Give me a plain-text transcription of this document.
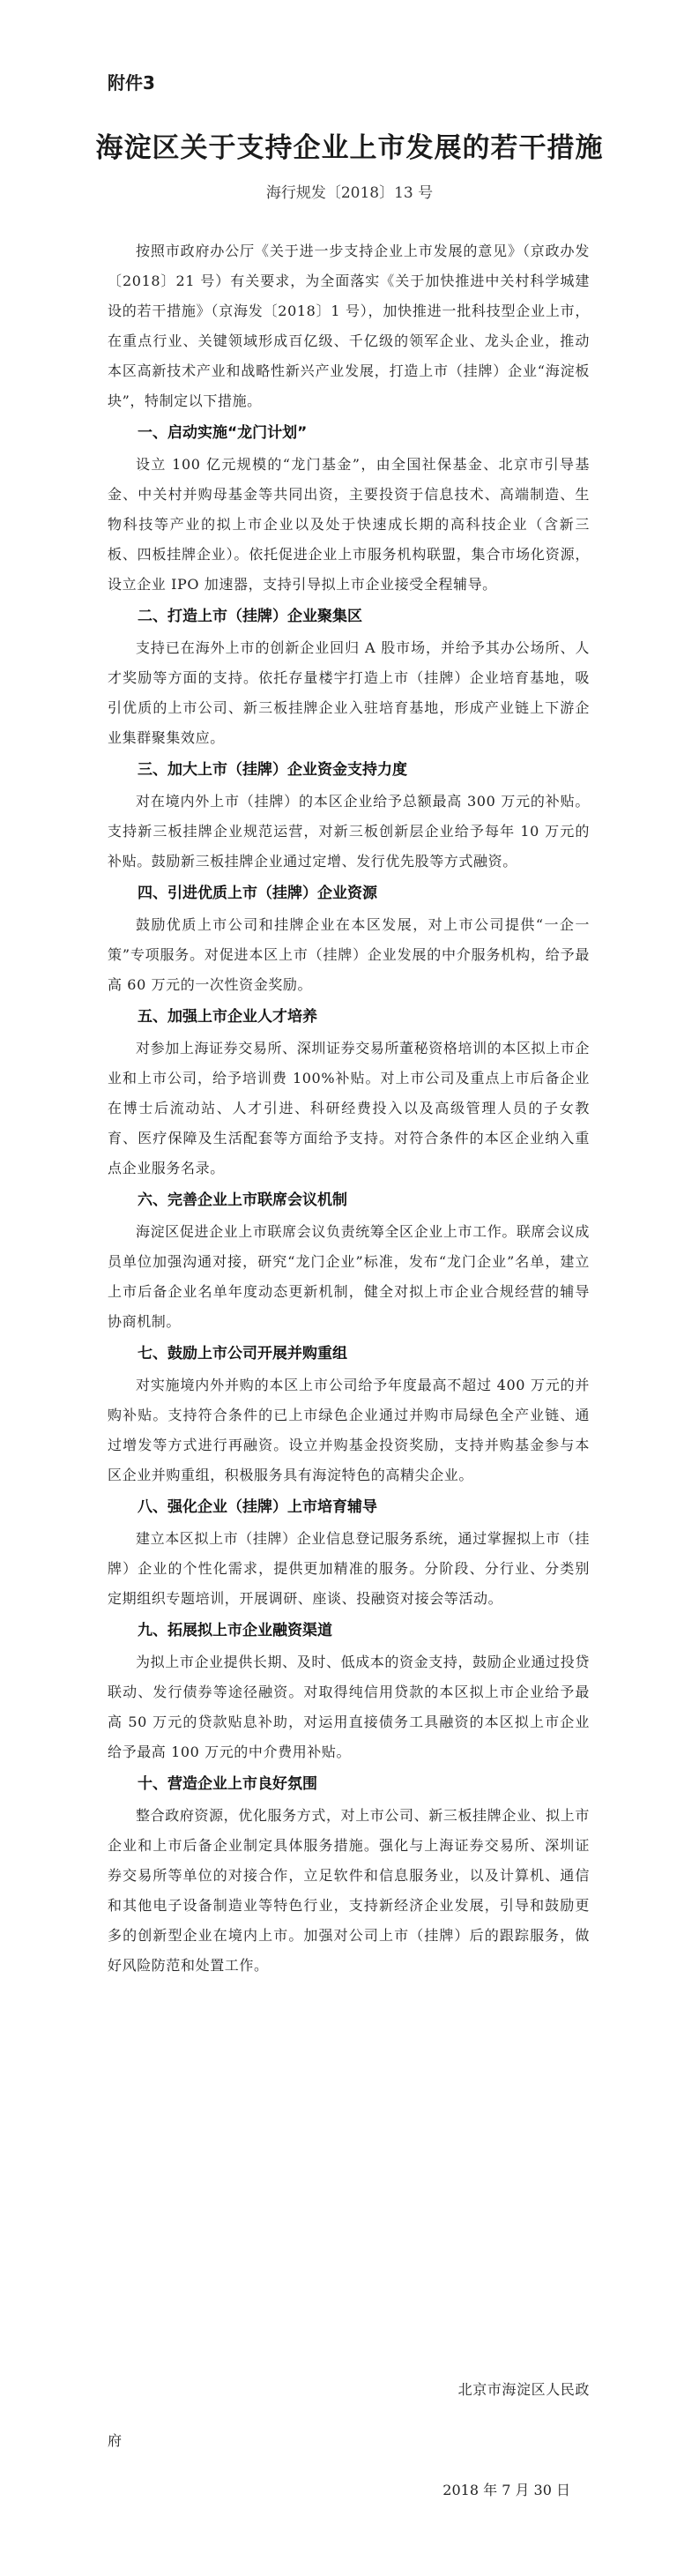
附件3
海淀区关于支持企业上市发展的若干措施
海行规发〔2018〕13 号

按照市政府办公厅《关于进一步支持企业上市发展的意见》（京政办发〔2018〕21 号）有关要求，为全面落实《关于加快推进中关村科学城建设的若干措施》（京海发〔2018〕1 号），加快推进一批科技型企业上市，在重点行业、关键领域形成百亿级、千亿级的领军企业、龙头企业，推动本区高新技术产业和战略性新兴产业发展，打造上市（挂牌）企业“海淀板块”，特制定以下措施。

一、启动实施“龙门计划”

设立 100 亿元规模的“龙门基金”，由全国社保基金、北京市引导基金、中关村并购母基金等共同出资，主要投资于信息技术、高端制造、生物科技等产业的拟上市企业以及处于快速成长期的高科技企业（含新三板、四板挂牌企业）。依托促进企业上市服务机构联盟，集合市场化资源，设立企业 IPO 加速器，支持引导拟上市企业接受全程辅导。

二、打造上市（挂牌）企业聚集区

支持已在海外上市的创新企业回归 A 股市场，并给予其办公场所、人才奖励等方面的支持。依托存量楼宇打造上市（挂牌）企业培育基地，吸引优质的上市公司、新三板挂牌企业入驻培育基地，形成产业链上下游企业集群聚集效应。

三、加大上市（挂牌）企业资金支持力度

对在境内外上市（挂牌）的本区企业给予总额最高 300 万元的补贴。支持新三板挂牌企业规范运营，对新三板创新层企业给予每年 10 万元的补贴。鼓励新三板挂牌企业通过定增、发行优先股等方式融资。

四、引进优质上市（挂牌）企业资源

鼓励优质上市公司和挂牌企业在本区发展，对上市公司提供“一企一策”专项服务。对促进本区上市（挂牌）企业发展的中介服务机构，给予最高 60 万元的一次性资金奖励。

五、加强上市企业人才培养

对参加上海证券交易所、深圳证券交易所董秘资格培训的本区拟上市企业和上市公司，给予培训费 100%补贴。对上市公司及重点上市后备企业在博士后流动站、人才引进、科研经费投入以及高级管理人员的子女教育、医疗保障及生活配套等方面给予支持。对符合条件的本区企业纳入重点企业服务名录。

六、完善企业上市联席会议机制

海淀区促进企业上市联席会议负责统筹全区企业上市工作。联席会议成员单位加强沟通对接，研究“龙门企业”标准，发布“龙门企业”名单，建立上市后备企业名单年度动态更新机制，健全对拟上市企业合规经营的辅导协商机制。

七、鼓励上市公司开展并购重组

对实施境内外并购的本区上市公司给予年度最高不超过 400 万元的并购补贴。支持符合条件的已上市绿色企业通过并购市局绿色全产业链、通过增发等方式进行再融资。设立并购基金投资奖励，支持并购基金参与本区企业并购重组，积极服务具有海淀特色的高精尖企业。

八、强化企业（挂牌）上市培育辅导

建立本区拟上市（挂牌）企业信息登记服务系统，通过掌握拟上市（挂牌）企业的个性化需求，提供更加精准的服务。分阶段、分行业、分类别定期组织专题培训，开展调研、座谈、投融资对接会等活动。

九、拓展拟上市企业融资渠道

为拟上市企业提供长期、及时、低成本的资金支持，鼓励企业通过投贷联动、发行债券等途径融资。对取得纯信用贷款的本区拟上市企业给予最高 50 万元的贷款贴息补助，对运用直接债务工具融资的本区拟上市企业给予最高 100 万元的中介费用补贴。

十、营造企业上市良好氛围

整合政府资源，优化服务方式，对上市公司、新三板挂牌企业、拟上市企业和上市后备企业制定具体服务措施。强化与上海证券交易所、深圳证券交易所等单位的对接合作，立足软件和信息服务业，以及计算机、通信和其他电子设备制造业等特色行业，支持新经济企业发展，引导和鼓励更多的创新型企业在境内上市。加强对公司上市（挂牌）后的跟踪服务，做好风险防范和处置工作。

北京市海淀区人民政
府
2018 年 7 月 30 日
